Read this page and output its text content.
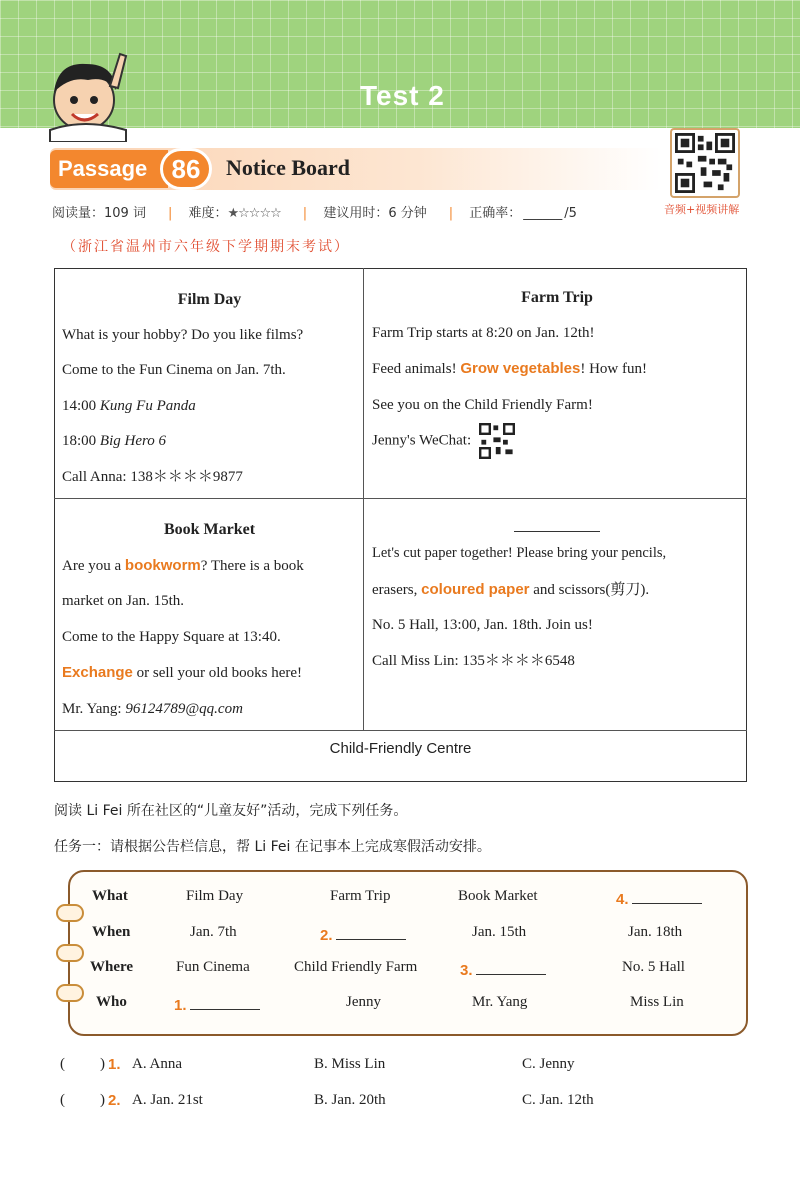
Test 2
Passage 86	Notice Board
音频+视频讲解
阅读量：109 词 | 难度：★☆☆☆☆ | 建议用时：6 分钟 | 正确率： ______ /5
（浙江省温州市六年级下学期期末考试）
Film Day
What is your hobby? Do you like films?
Come to the Fun Cinema on Jan. 7th.
14:00 Kung Fu Panda
18:00 Big Hero 6
Call Anna: 138＊＊＊＊9877
Farm Trip
Farm Trip starts at 8:20 on Jan. 12th!
Feed animals! Grow vegetables! How fun!
See you on the Child Friendly Farm!
Jenny's WeChat:
Book Market
Are you a bookworm? There is a book
market on Jan. 15th.
Come to the Happy Square at 13:40.
Exchange or sell your old books here!
Mr. Yang: 96124789@qq.com
Let's cut paper together! Please bring your pencils,
erasers, coloured paper and scissors(剪刀).
No. 5 Hall, 13:00, Jan. 18th. Join us!
Call Miss Lin: 135＊＊＊＊6548
Child-Friendly Centre
阅读 Li Fei 所在社区的“儿童友好”活动，完成下列任务。
任务一：请根据公告栏信息，帮 Li Fei 在记事本上完成寒假活动安排。
What	Film Day	Farm Trip	Book Market	4.
When	Jan. 7th	2.	Jan. 15th	Jan. 18th
Where	Fun Cinema	Child Friendly Farm	3.	No. 5 Hall
Who	1.	Jenny	Mr. Yang	Miss Lin
( ) 1. A. Anna	B. Miss Lin	C. Jenny
( ) 2. A. Jan. 21st	B. Jan. 20th	C. Jan. 12th
